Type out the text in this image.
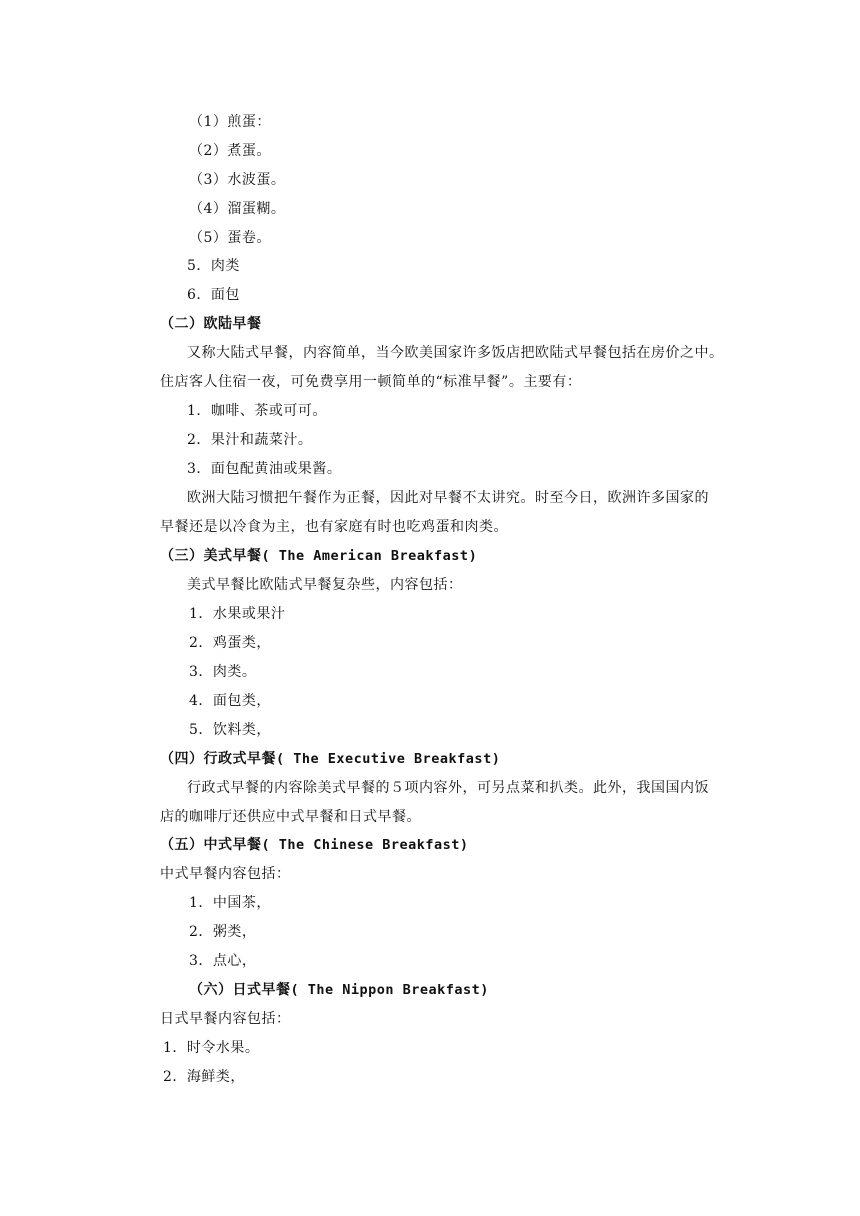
（1）煎蛋：
（2）煮蛋。
（3）水波蛋。
（4）溜蛋糊。
（5）蛋卷。
5．肉类
6．面包
（二）欧陆早餐
又称大陆式早餐，内容简单，当今欧美国家许多饭店把欧陆式早餐包括在房价之中。
住店客人住宿一夜，可免费享用一顿简单的“标准早餐”。主要有：
1．咖啡、茶或可可。
2．果汁和蔬菜汁。
3．面包配黄油或果酱。
欧洲大陆习惯把午餐作为正餐，因此对早餐不太讲究。时至今日，欧洲许多国家的
早餐还是以冷食为主，也有家庭有时也吃鸡蛋和肉类。
（三）美式早餐( The American Breakfast)
美式早餐比欧陆式早餐复杂些，内容包括：
1．水果或果汁
2．鸡蛋类，
3．肉类。
4．面包类，
5．饮料类，
（四）行政式早餐( The Executive Breakfast)
行政式早餐的内容除美式早餐的５项内容外，可另点菜和扒类。此外，我国国内饭
店的咖啡厅还供应中式早餐和日式早餐。
（五）中式早餐( The Chinese Breakfast)
中式早餐内容包括：
1．中国茶，
2．粥类，
3．点心，
（六）日式早餐( The Nippon Breakfast)
日式早餐内容包括：
1．时令水果。
2．海鲜类，
